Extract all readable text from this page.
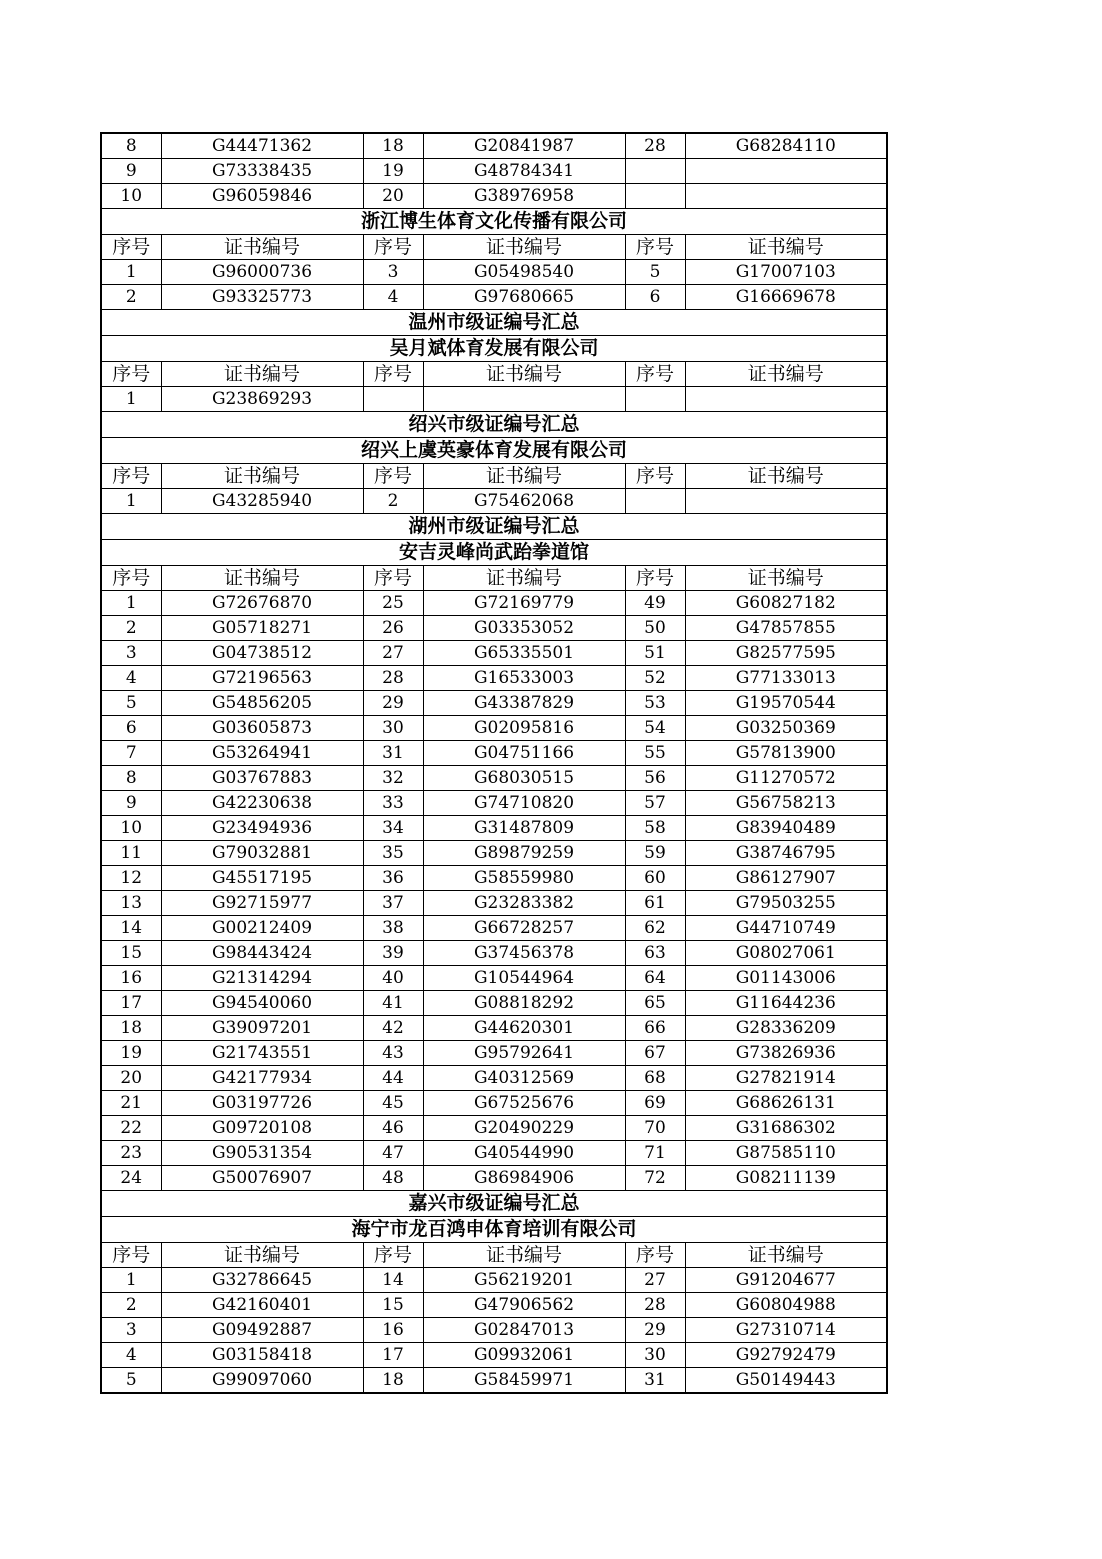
8	G44471362	18	G20841987	28	G68284110
9	G73338435	19	G48784341		
10	G96059846	20	G38976958		
浙江博生体育文化传播有限公司					
序号	证书编号	序号	证书编号	序号	证书编号
1	G96000736	3	G05498540	5	G17007103
2	G93325773	4	G97680665	6	G16669678
温州市级证编号汇总					
吴月斌体育发展有限公司					
序号	证书编号	序号	证书编号	序号	证书编号
1	G23869293				
绍兴市级证编号汇总					
绍兴上虞英豪体育发展有限公司					
序号	证书编号	序号	证书编号	序号	证书编号
1	G43285940	2	G75462068		
湖州市级证编号汇总					
安吉灵峰尚武跆拳道馆					
序号	证书编号	序号	证书编号	序号	证书编号
1	G72676870	25	G72169779	49	G60827182
2	G05718271	26	G03353052	50	G47857855
3	G04738512	27	G65335501	51	G82577595
4	G72196563	28	G16533003	52	G77133013
5	G54856205	29	G43387829	53	G19570544
6	G03605873	30	G02095816	54	G03250369
7	G53264941	31	G04751166	55	G57813900
8	G03767883	32	G68030515	56	G11270572
9	G42230638	33	G74710820	57	G56758213
10	G23494936	34	G31487809	58	G83940489
11	G79032881	35	G89879259	59	G38746795
12	G45517195	36	G58559980	60	G86127907
13	G92715977	37	G23283382	61	G79503255
14	G00212409	38	G66728257	62	G44710749
15	G98443424	39	G37456378	63	G08027061
16	G21314294	40	G10544964	64	G01143006
17	G94540060	41	G08818292	65	G11644236
18	G39097201	42	G44620301	66	G28336209
19	G21743551	43	G95792641	67	G73826936
20	G42177934	44	G40312569	68	G27821914
21	G03197726	45	G67525676	69	G68626131
22	G09720108	46	G20490229	70	G31686302
23	G90531354	47	G40544990	71	G87585110
24	G50076907	48	G86984906	72	G08211139
嘉兴市级证编号汇总					
海宁市龙百鸿申体育培训有限公司					
序号	证书编号	序号	证书编号	序号	证书编号
1	G32786645	14	G56219201	27	G91204677
2	G42160401	15	G47906562	28	G60804988
3	G09492887	16	G02847013	29	G27310714
4	G03158418	17	G09932061	30	G92792479
5	G99097060	18	G58459971	31	G50149443
